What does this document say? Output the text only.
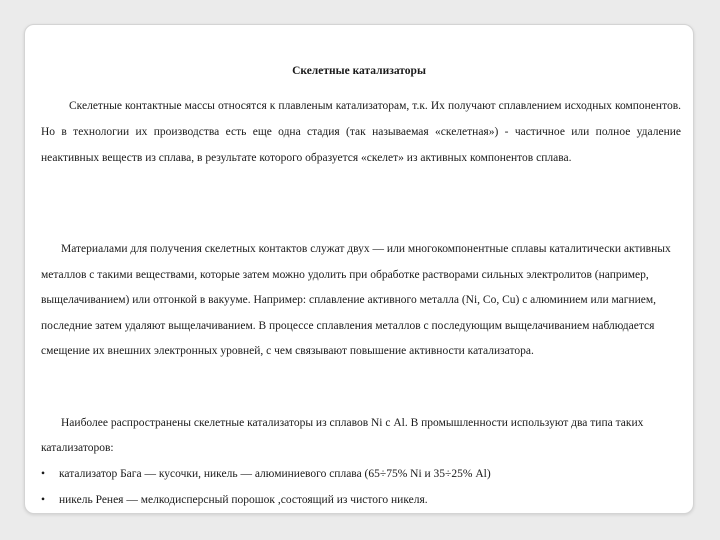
Скелетные катализаторы

Скелетные контактные массы относятся к плавленым катализаторам, т.к. Их получают сплавлением исходных компонентов. Но в технологии их производства есть еще одна стадия (так называемая «скелетная») - частичное или полное удаление неактивных веществ из сплава, в результате которого образуется «скелет» из активных компонентов сплава.

Материалами для получения скелетных контактов служат двух — или многокомпонентные сплавы каталитически активных металлов с такими веществами, которые затем можно удолить при обработке растворами сильных электролитов (например, выщелачиванием) или отгонкой в вакууме. Например: сплавление активного металла (Ni, Co, Cu) с алюминием или магнием, последние затем удаляют выщелачиванием. В процессе сплавления металлов с последующим выщелачиванием наблюдается смещение их внешних электронных уровней, с чем связывают повышение активности катализатора.

Наиболее распространены скелетные катализаторы из сплавов Ni с Al. В промышленности используют два типа таких катализаторов:

• катализатор Бага — кусочки, никель — алюминиевого сплава (65÷75% Ni и 35÷25% Al)
• никель Ренея — мелкодисперсный порошок ,состоящий из чистого никеля.
